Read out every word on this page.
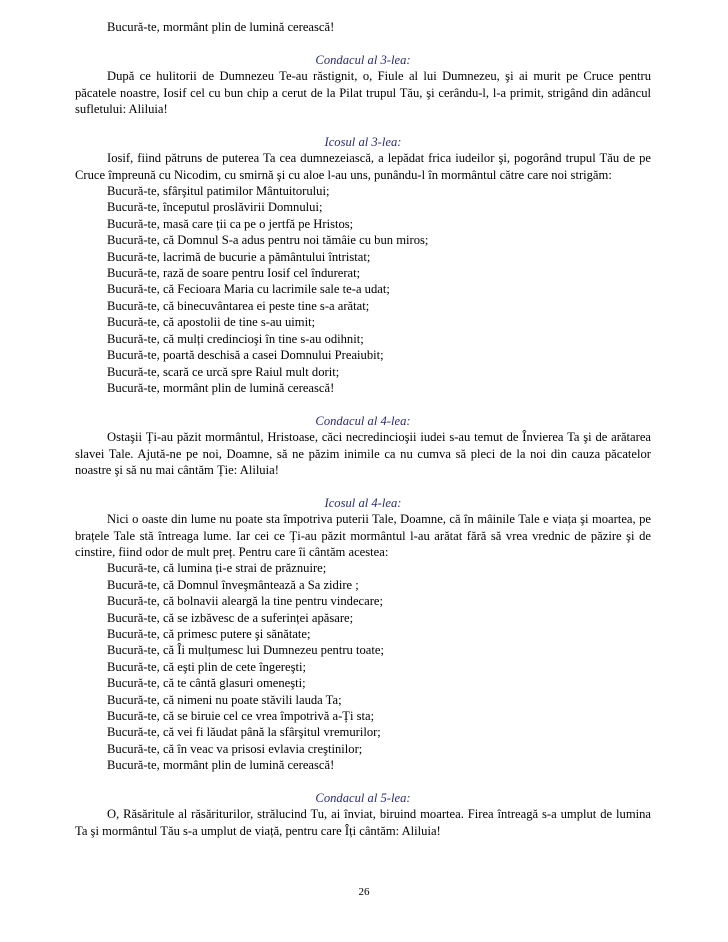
Bucură-te, mormânt plin de lumină cerească!

Condacul al 3-lea:

După ce hulitorii de Dumnezeu Te-au răstignit, o, Fiule al lui Dumnezeu, şi ai murit pe Cruce pentru păcatele noastre, Iosif cel cu bun chip a cerut de la Pilat trupul Tău, şi cerându-l, l-a primit, strigând din adâncul sufletului: Aliluia!

Icosul al 3-lea:

Iosif, fiind pătruns de puterea Ta cea dumnezeiască, a lepădat frica iudeilor şi, pogorând trupul Tău de pe Cruce împreună cu Nicodim, cu smirnă şi cu aloe l-au uns, punându-l în mormântul către care noi strigăm:

Bucură-te, sfârşitul patimilor Mântuitorului;

Bucură-te, începutul proslăvirii Domnului;

Bucură-te, masă care ții ca pe o jertfă pe Hristos;

Bucură-te, că Domnul S-a adus pentru noi tămâie cu bun miros;

Bucură-te, lacrimă de bucurie a pământului întristat;

Bucură-te, rază de soare pentru Iosif cel îndurerat;

Bucură-te, că Fecioara Maria cu lacrimile sale te-a udat;

Bucură-te, că binecuvântarea ei peste tine s-a arătat;

Bucură-te, că apostolii de tine s-au uimit;

Bucură-te, că mulți credincioşi în tine s-au odihnit;

Bucură-te, poartă deschisă a casei Domnului Preaiubit;

Bucură-te, scară ce urcă spre Raiul mult dorit;

Bucură-te, mormânt plin de lumină cerească!

Condacul al 4-lea:

Ostaşii Ți-au păzit mormântul, Hristoase, căci necredincioşii iudei s-au temut de Învierea Ta şi de arătarea slavei Tale. Ajută-ne pe noi, Doamne, să ne păzim inimile ca nu cumva să pleci de la noi din cauza păcatelor noastre şi să nu mai cântăm Ție: Aliluia!

Icosul al 4-lea:

Nici o oaste din lume nu poate sta împotriva puterii Tale, Doamne, că în mâinile Tale e viața şi moartea, pe brațele Tale stă întreaga lume. Iar cei ce Ți-au păzit mormântul l-au arătat fără să vrea vrednic de păzire şi de cinstire, fiind odor de mult preț. Pentru care îi cântăm acestea:

Bucură-te, că lumina ți-e strai de prăznuire;

Bucură-te, că Domnul înveşmântează a Sa zidire ;

Bucură-te, că bolnavii aleargă la tine pentru vindecare;

Bucură-te, că se izbăvesc de a suferinței apăsare;

Bucură-te, că primesc putere şi sănătate;

Bucură-te, că Îi mulțumesc lui Dumnezeu pentru toate;

Bucură-te, că eşti plin de cete îngereşti;

Bucură-te, că te cântă glasuri omeneşti;

Bucură-te, că nimeni nu poate stăvili lauda Ta;

Bucură-te, că se biruie cel ce vrea împotrivă a-Ți sta;

Bucură-te, că vei fi lăudat până la sfârşitul vremurilor;

Bucură-te, că în veac va prisosi evlavia creştinilor;

Bucură-te, mormânt plin de lumină cerească!

Condacul al 5-lea:

O, Răsăritule al răsăriturilor, strălucind Tu, ai înviat, biruind moartea. Firea întreagă s-a umplut de lumina Ta şi mormântul Tău s-a umplut de viață, pentru care Îți cântăm: Aliluia!

26
